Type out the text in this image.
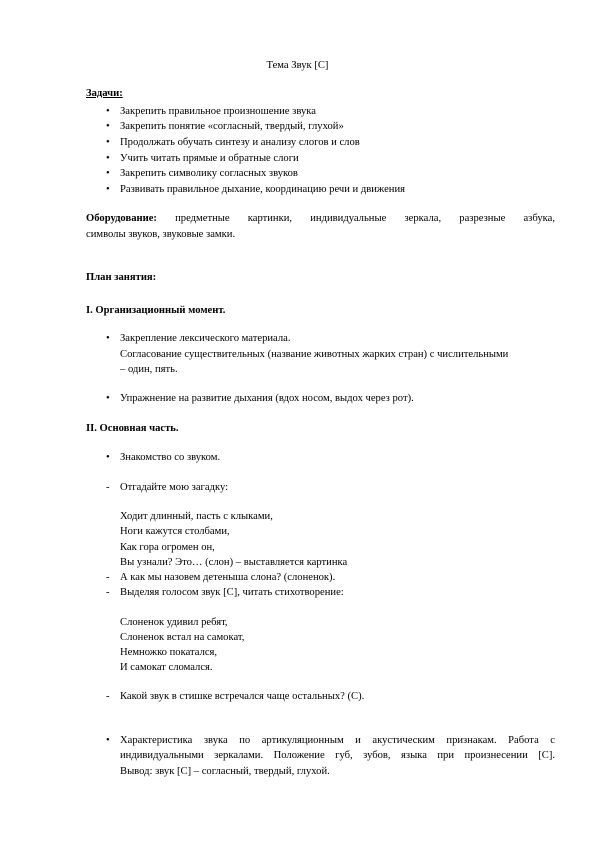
Тема Звук [С]
Задачи:
• Закрепить правильное произношение звука
• Закрепить понятие «согласный, твердый, глухой»
• Продолжать обучать синтезу и анализу слогов и слов
• Учить читать прямые и обратные слоги
• Закрепить символику согласных звуков
• Развивать правильное дыхание, координацию речи и движения
Оборудование: предметные картинки, индивидуальные зеркала, разрезные азбука,
символы звуков, звуковые замки.
План занятия:
I. Организационный момент.
• Закрепление лексического материала.
Согласование существительных (название животных жарких стран) с числительными
– один, пять.
• Упражнение на развитие дыхания (вдох носом, выдох через рот).
II. Основная часть.
• Знакомство со звуком.
- Отгадайте мою загадку:
Ходит длинный, пасть с клыками,
Ноги кажутся столбами,
Как гора огромен он,
Вы узнали? Это… (слон) – выставляется картинка
- А как мы назовем детеныша слона? (слоненок).
- Выделяя голосом звук [С], читать стихотворение:
Слоненок удивил ребят,
Слоненок встал на самокат,
Немножко покатался,
И самокат сломался.
- Какой звук в стишке встречался чаще остальных? (С).
• Характеристика звука по артикуляционным и акустическим признакам. Работа с
индивидуальными зеркалами. Положение губ, зубов, языка при произнесении [С].
Вывод: звук [С] – согласный, твердый, глухой.
